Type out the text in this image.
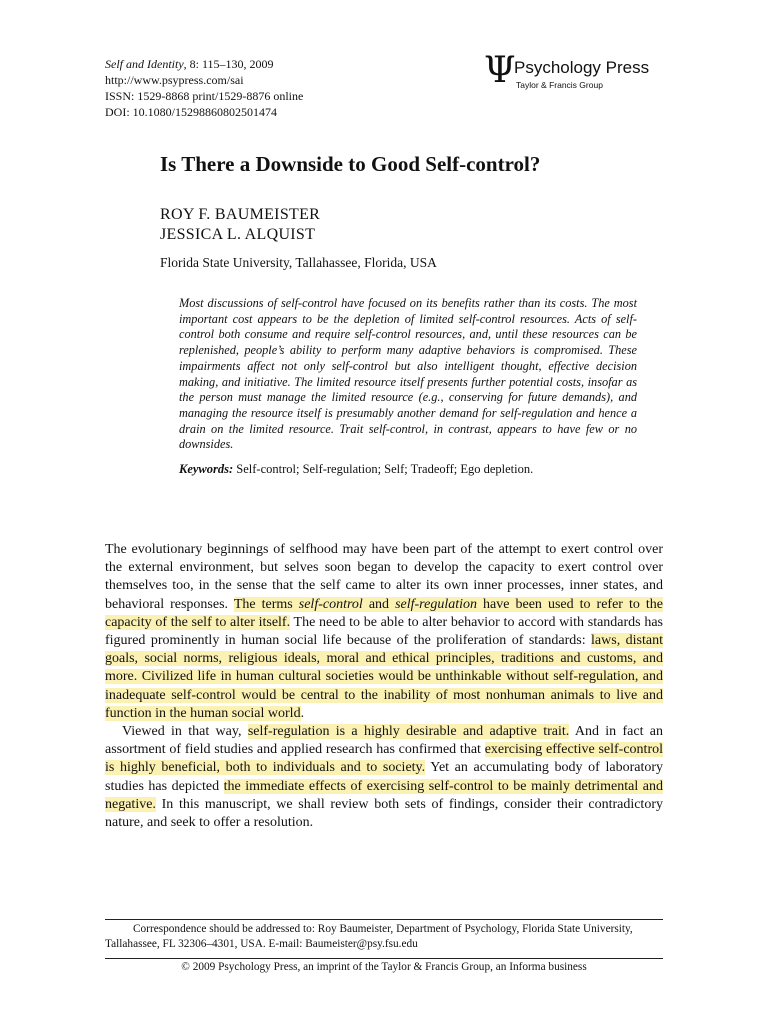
Self and Identity, 8: 115–130, 2009
http://www.psypress.com/sai
ISSN: 1529-8868 print/1529-8876 online
DOI: 10.1080/15298860802501474
Ψ
Psychology Press
Taylor & Francis Group
Is There a Downside to Good Self-control?
ROY F. BAUMEISTER
JESSICA L. ALQUIST
Florida State University, Tallahassee, Florida, USA
Most discussions of self-control have focused on its benefits rather than its costs. The most important cost appears to be the depletion of limited self-control resources. Acts of self-control both consume and require self-control resources, and, until these resources can be replenished, people’s ability to perform many adaptive behaviors is compromised. These impairments affect not only self-control but also intelligent thought, effective decision making, and initiative. The limited resource itself presents further potential costs, insofar as the person must manage the limited resource (e.g., conserving for future demands), and managing the resource itself is presumably another demand for self-regulation and hence a drain on the limited resource. Trait self-control, in contrast, appears to have few or no downsides.
Keywords: Self-control; Self-regulation; Self; Tradeoff; Ego depletion.

The evolutionary beginnings of selfhood may have been part of the attempt to exert control over the external environment, but selves soon began to develop the capacity to exert control over themselves too, in the sense that the self came to alter its own inner processes, inner states, and behavioral responses. The terms self-control and self-regulation have been used to refer to the capacity of the self to alter itself. The need to be able to alter behavior to accord with standards has figured prominently in human social life because of the proliferation of standards: laws, distant goals, social norms, religious ideals, moral and ethical principles, traditions and customs, and more. Civilized life in human cultural societies would be unthinkable without self-regulation, and inadequate self-control would be central to the inability of most nonhuman animals to live and function in the human social world.

Viewed in that way, self-regulation is a highly desirable and adaptive trait. And in fact an assortment of field studies and applied research has confirmed that exercising effective self-control is highly beneficial, both to individuals and to society. Yet an accumulating body of laboratory studies has depicted the immediate effects of exercising self-control to be mainly detrimental and negative. In this manuscript, we shall review both sets of findings, consider their contradictory nature, and seek to offer a resolution.

Correspondence should be addressed to: Roy Baumeister, Department of Psychology, Florida State University, Tallahassee, FL 32306–4301, USA. E-mail: Baumeister@psy.fsu.edu
© 2009 Psychology Press, an imprint of the Taylor & Francis Group, an Informa business
